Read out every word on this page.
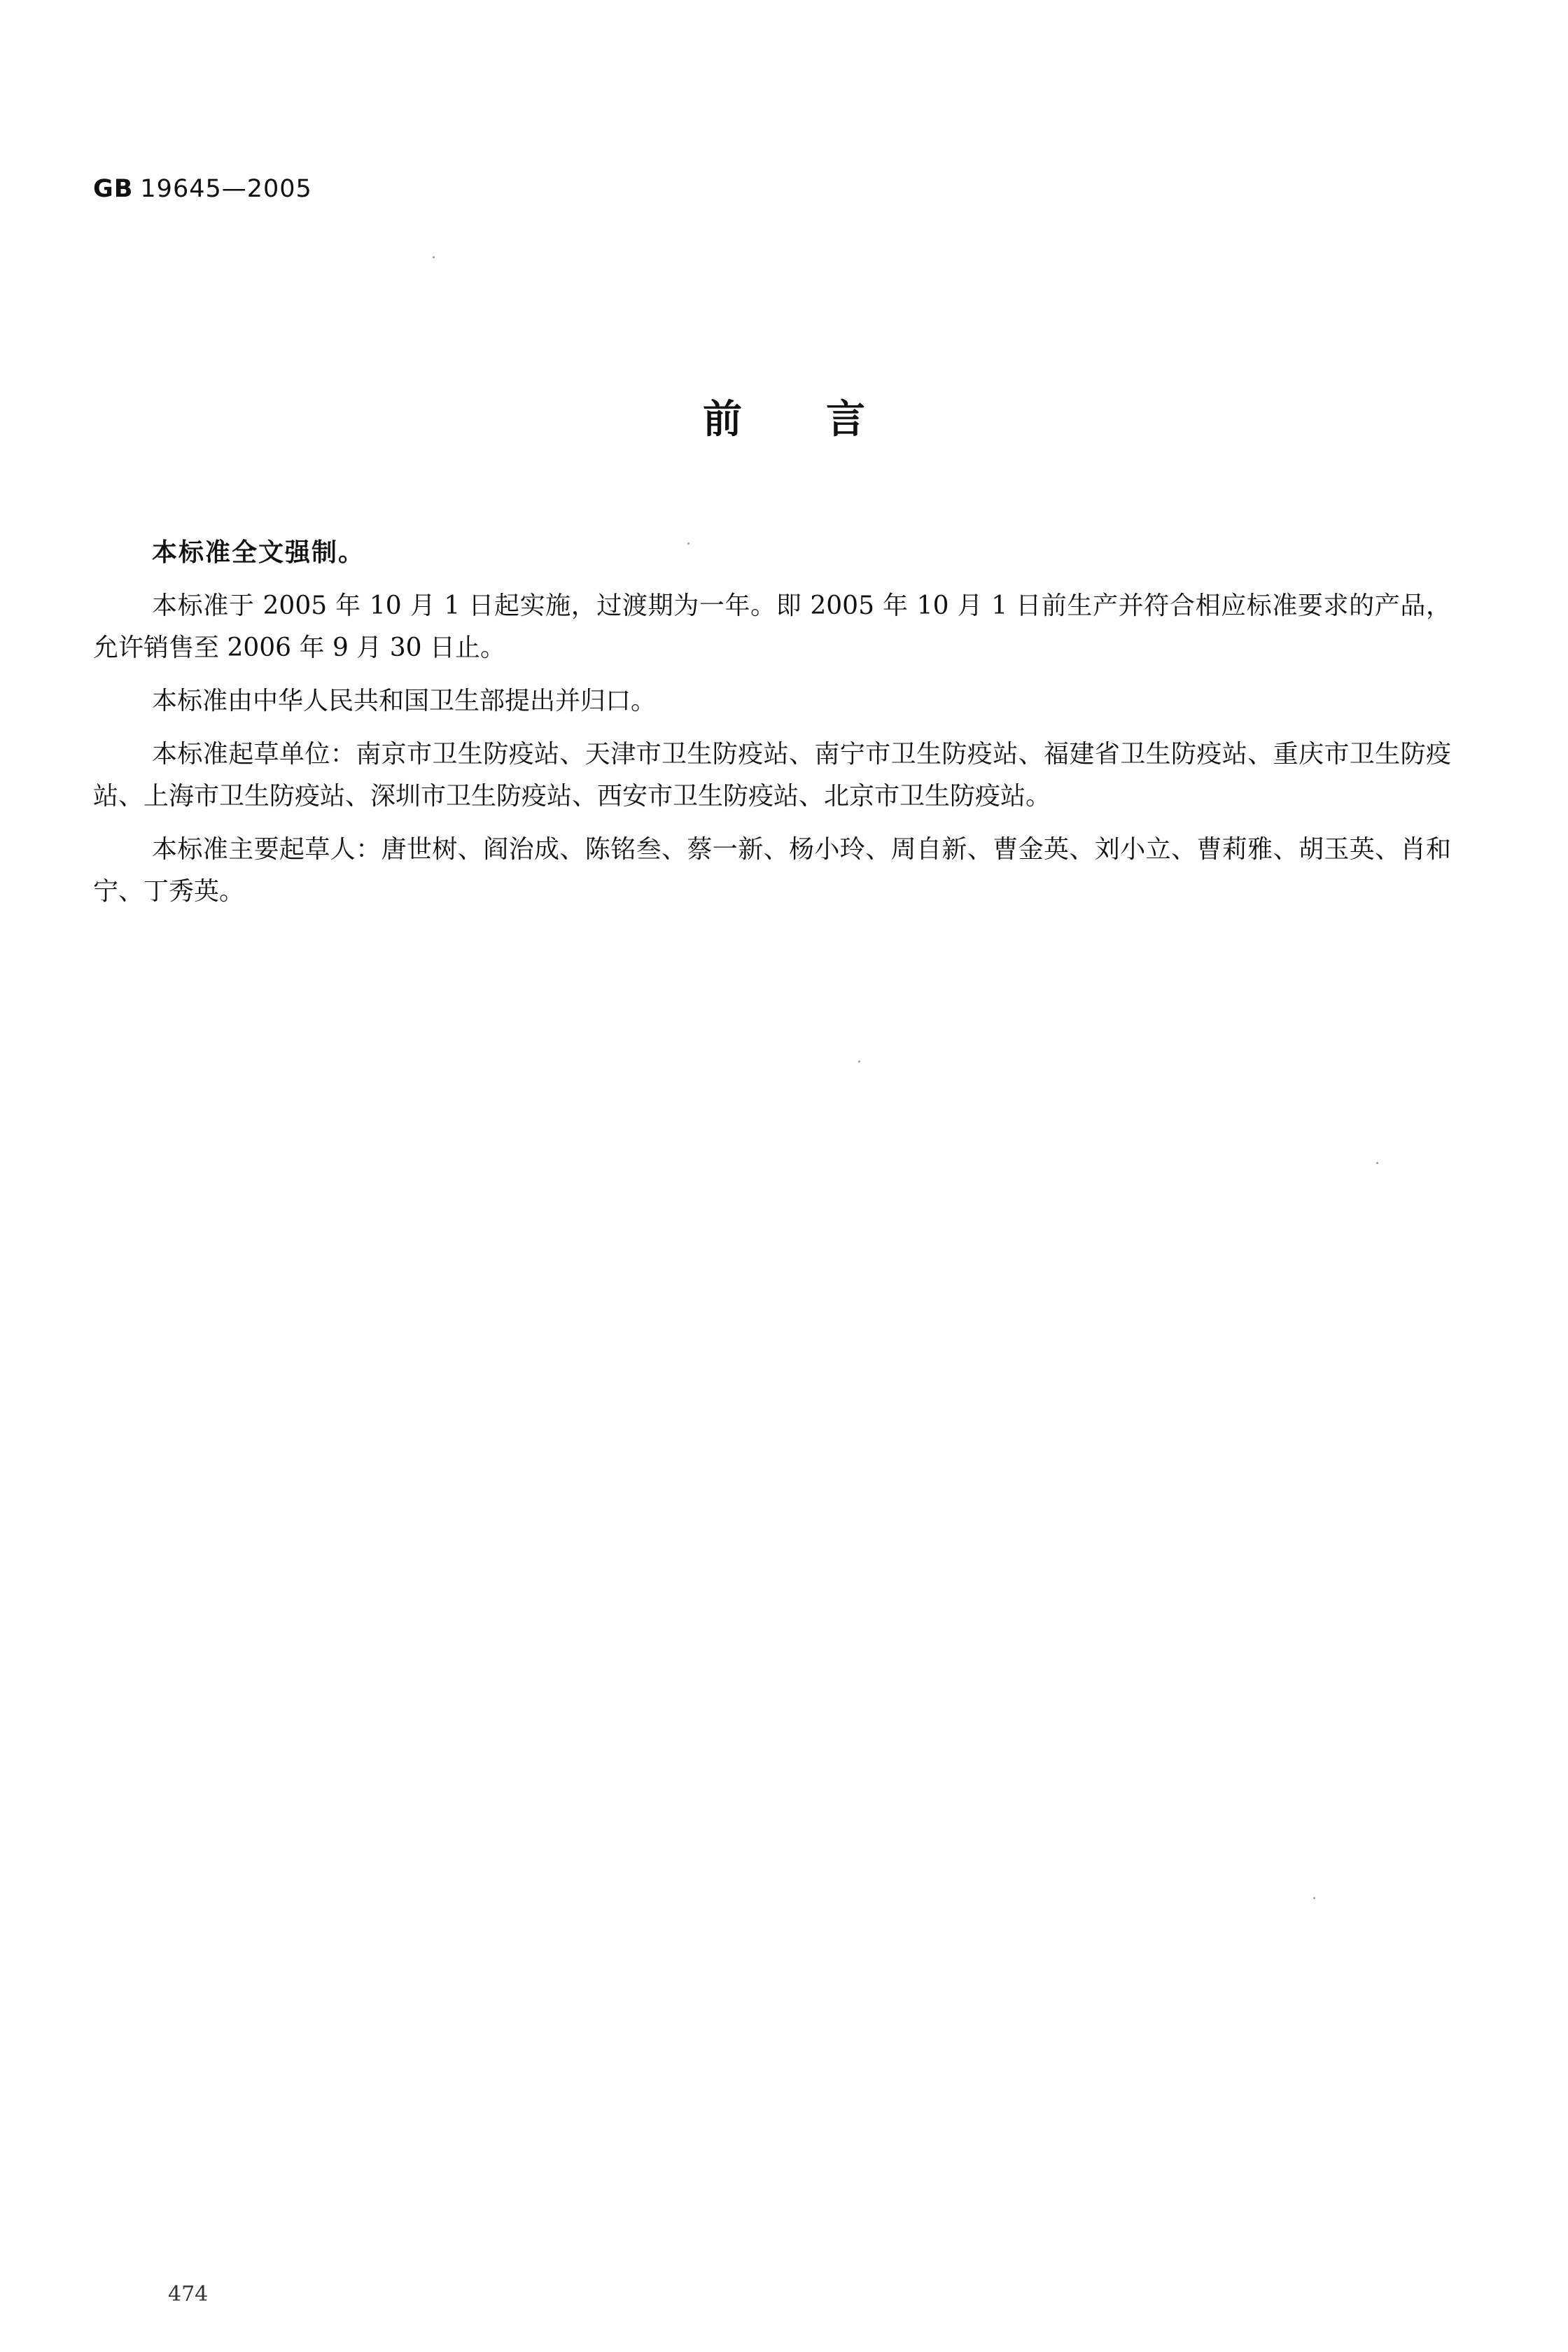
GB 19645—2005
前 言

本标准全文强制。

本标准于 2005 年 10 月 1 日起实施，过渡期为一年。即 2005 年 10 月 1 日前生产并符合相应标准要求的产品，允许销售至 2006 年 9 月 30 日止。

本标准由中华人民共和国卫生部提出并归口。

本标准起草单位：南京市卫生防疫站、天津市卫生防疫站、南宁市卫生防疫站、福建省卫生防疫站、重庆市卫生防疫站、上海市卫生防疫站、深圳市卫生防疫站、西安市卫生防疫站、北京市卫生防疫站。

本标准主要起草人：唐世树、阎治成、陈铭叁、蔡一新、杨小玲、周自新、曹金英、刘小立、曹莉雅、胡玉英、肖和宁、丁秀英。

474
